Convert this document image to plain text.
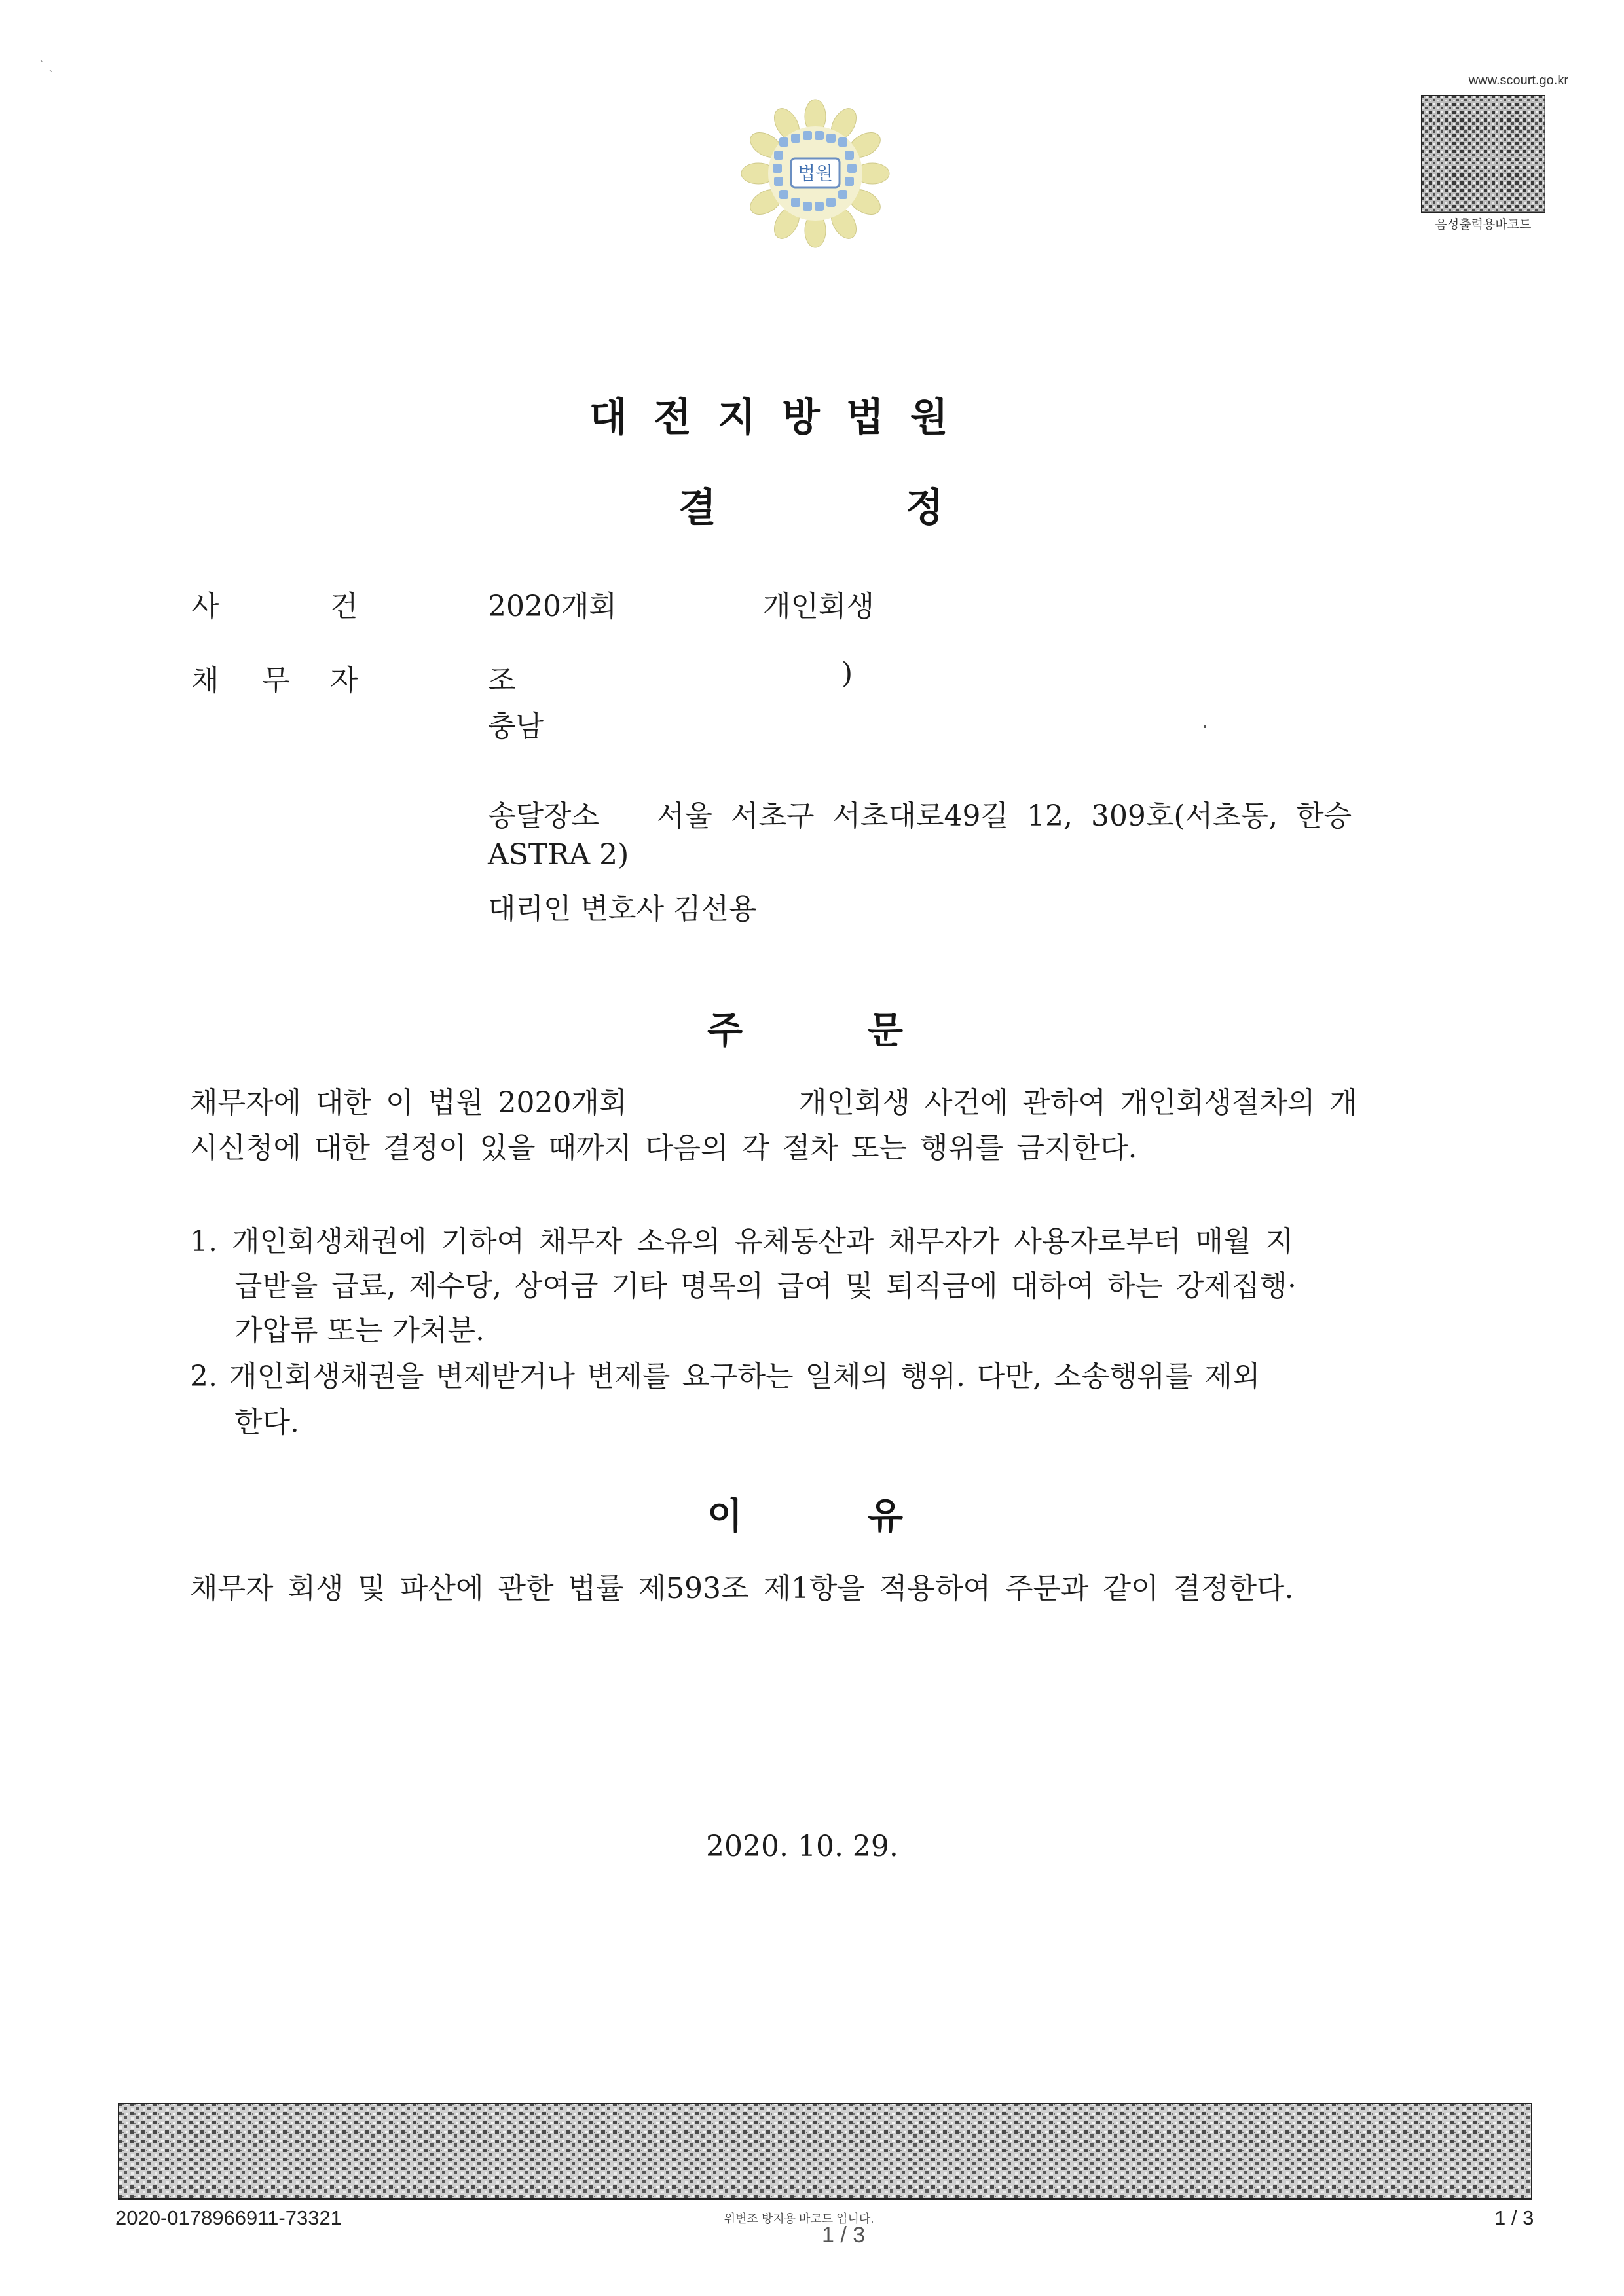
` ˎ
법원
www.scourt.go.kr
음성출력용바코드
대전지방법원
결	정
사	건	2020개회	개인회생
채 무 자	조	)
충남
송달장소 서울 서초구 서초대로49길 12, 309호(서초동, 한승
ASTRA 2)
대리인 변호사 김선용
주	문
채무자에 대한 이 법원 2020개회	개인회생 사건에 관하여 개인회생절차의 개
시신청에 대한 결정이 있을 때까지 다음의 각 절차 또는 행위를 금지한다.
1. 개인회생채권에 기하여 채무자 소유의 유체동산과 채무자가 사용자로부터 매월 지
급받을 급료, 제수당, 상여금 기타 명목의 급여 및 퇴직금에 대하여 하는 강제집행·
가압류 또는 가처분.
2. 개인회생채권을 변제받거나 변제를 요구하는 일체의 행위. 다만, 소송행위를 제외
한다.
이	유
채무자 회생 및 파산에 관한 법률 제593조 제1항을 적용하여 주문과 같이 결정한다.
2020. 10. 29.
2020-0178966911-73321	위변조 방지용 바코드 입니다.
1 / 3
1 / 3
